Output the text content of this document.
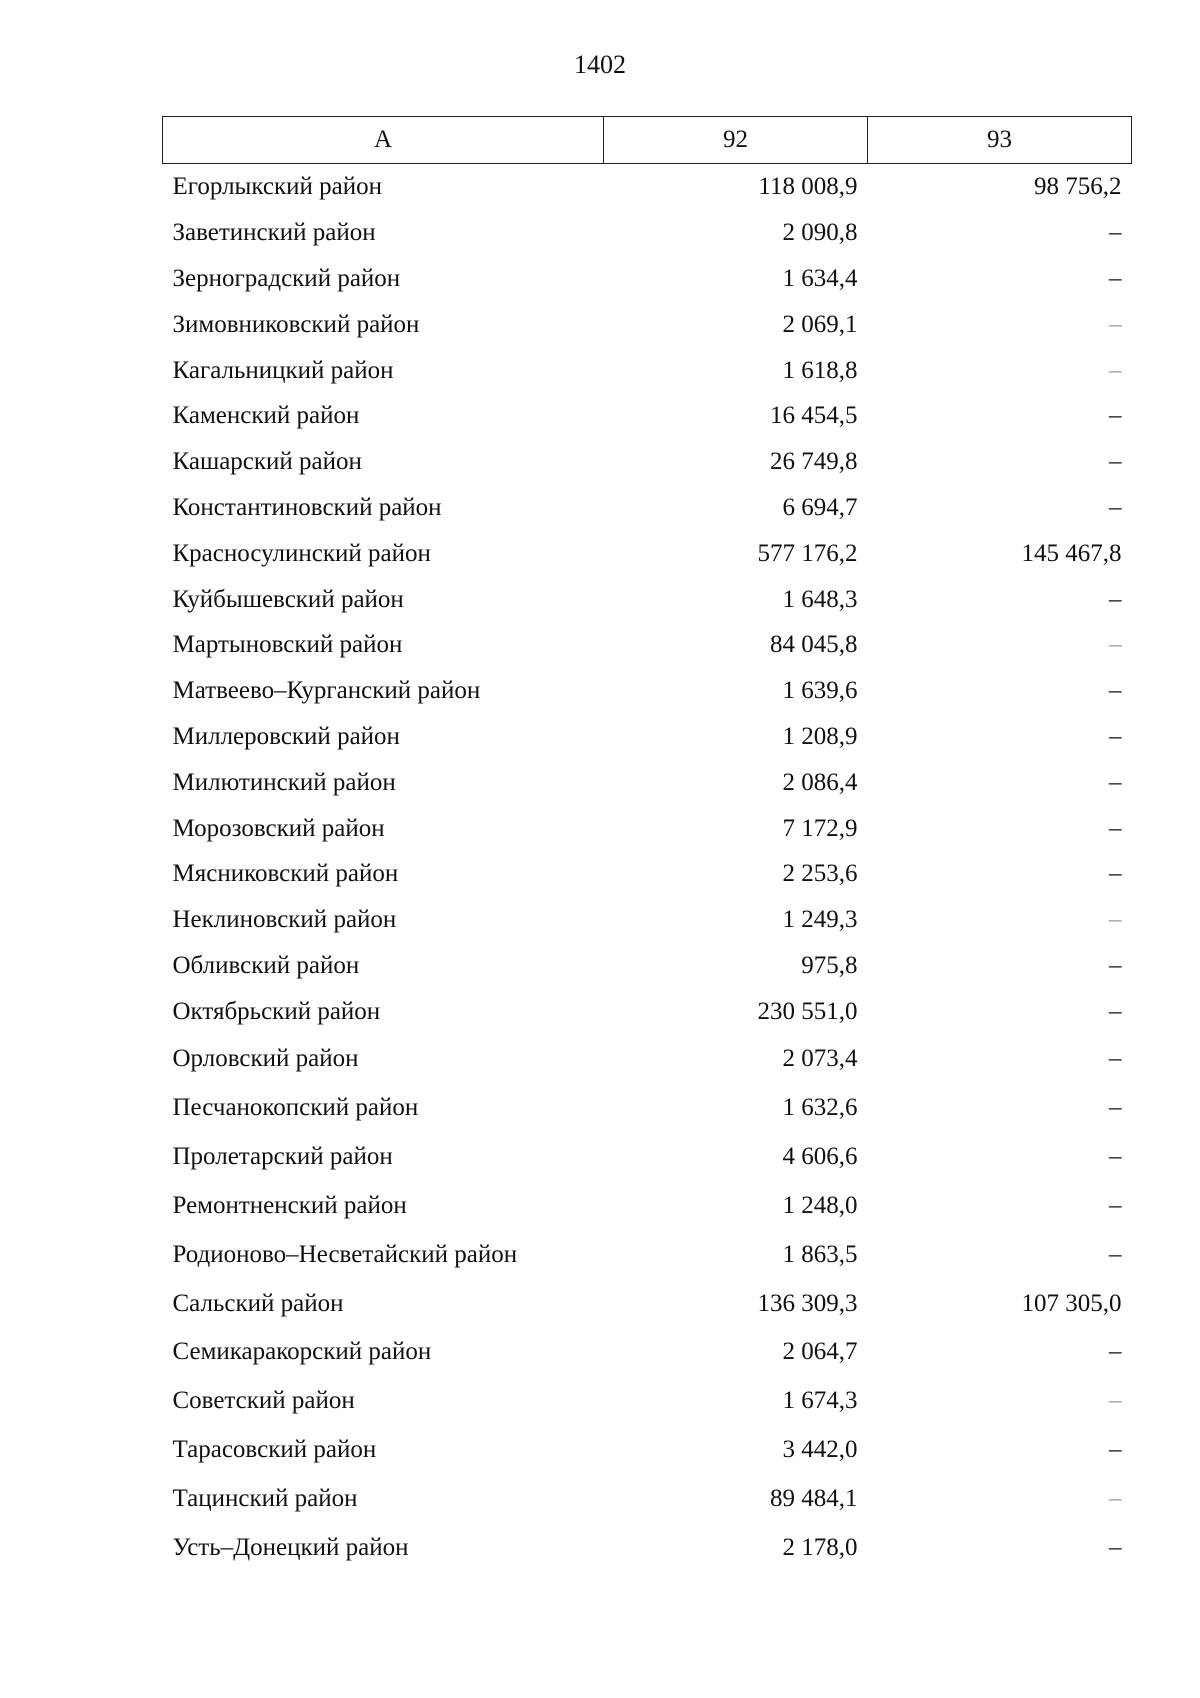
1402
А	92	93
Егорлыкский район	118 008,9	98 756,2
Заветинский район	2 090,8	–
Зерноградский район	1 634,4	–
Зимовниковский район	2 069,1	–
Кагальницкий район	1 618,8	–
Каменский район	16 454,5	–
Кашарский район	26 749,8	–
Константиновский район	6 694,7	–
Красносулинский район	577 176,2	145 467,8
Куйбышевский район	1 648,3	–
Мартыновский район	84 045,8	–
Матвеево–Курганский район	1 639,6	–
Миллеровский район	1 208,9	–
Милютинский район	2 086,4	–
Морозовский район	7 172,9	–
Мясниковский район	2 253,6	–
Неклиновский район	1 249,3	–
Обливский район	975,8	–
Октябрьский район	230 551,0	–
Орловский район	2 073,4	–
Песчанокопский район	1 632,6	–
Пролетарский район	4 606,6	–
Ремонтненский район	1 248,0	–
Родионово–Несветайский район	1 863,5	–
Сальский район	136 309,3	107 305,0
Семикаракорский район	2 064,7	–
Советский район	1 674,3	–
Тарасовский район	3 442,0	–
Тацинский район	89 484,1	–
Усть–Донецкий район	2 178,0	–
